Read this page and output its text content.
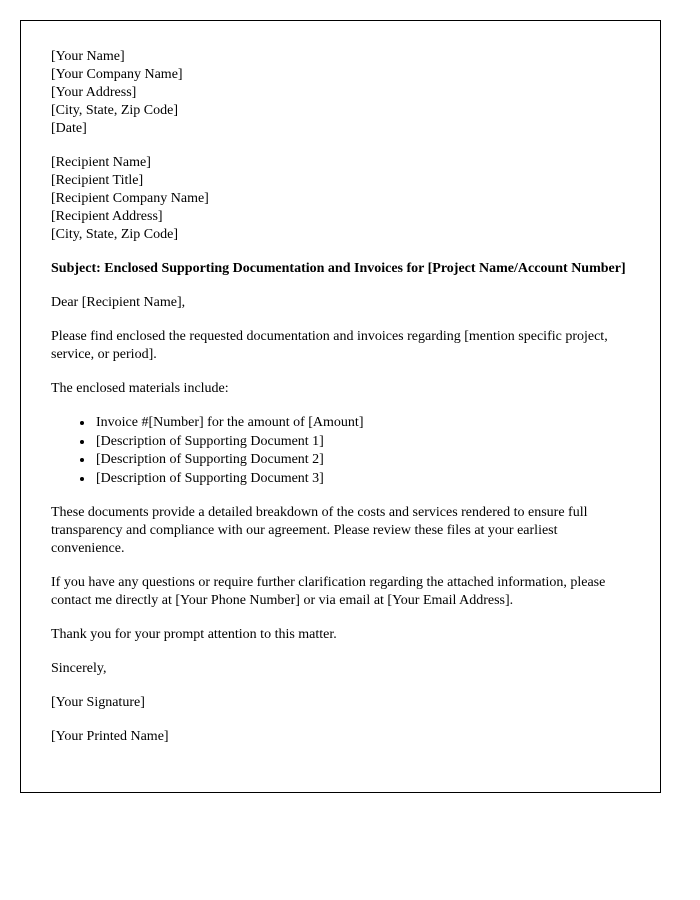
[Your Name]
[Your Company Name]
[Your Address]
[City, State, Zip Code]
[Date]
[Recipient Name]
[Recipient Title]
[Recipient Company Name]
[Recipient Address]
[City, State, Zip Code]

Subject: Enclosed Supporting Documentation and Invoices for [Project Name/Account Number]

Dear [Recipient Name],

Please find enclosed the requested documentation and invoices regarding [mention specific project, service, or period].

The enclosed materials include:

• Invoice #[Number] for the amount of [Amount]
• [Description of Supporting Document 1]
• [Description of Supporting Document 2]
• [Description of Supporting Document 3]

These documents provide a detailed breakdown of the costs and services rendered to ensure full transparency and compliance with our agreement. Please review these files at your earliest convenience.

If you have any questions or require further clarification regarding the attached information, please contact me directly at [Your Phone Number] or via email at [Your Email Address].

Thank you for your prompt attention to this matter.

Sincerely,

[Your Signature]

[Your Printed Name]
